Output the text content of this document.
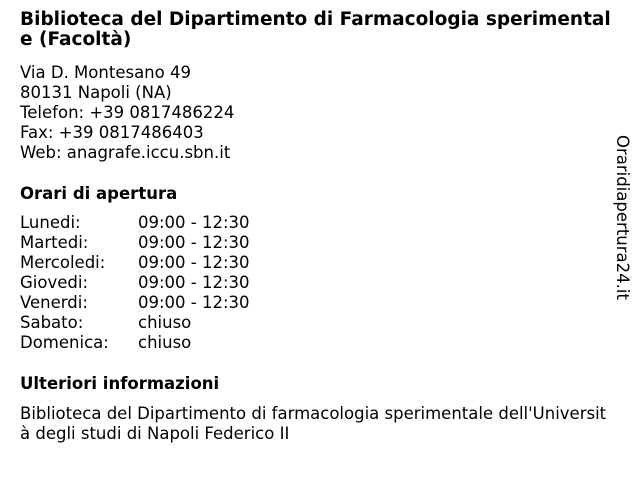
Biblioteca del Dipartimento di Farmacologia sperimentale (Facoltà)
Via D. Montesano 49
80131 Napoli (NA)
Telefon: +39 0817486224
Fax: +39 0817486403
Web: anagrafe.iccu.sbn.it
Orari di apertura
Lunedi:	09:00 - 12:30
Martedi:	09:00 - 12:30
Mercoledi: 09:00 - 12:30
Giovedi:	09:00 - 12:30
Venerdi:	09:00 - 12:30
Sabato:	chiuso
Domenica: chiuso
Ulteriori informazioni
Biblioteca del Dipartimento di farmacologia sperimentale dell'Università degli studi di Napoli Federico II
Oraridiapertura24.it
